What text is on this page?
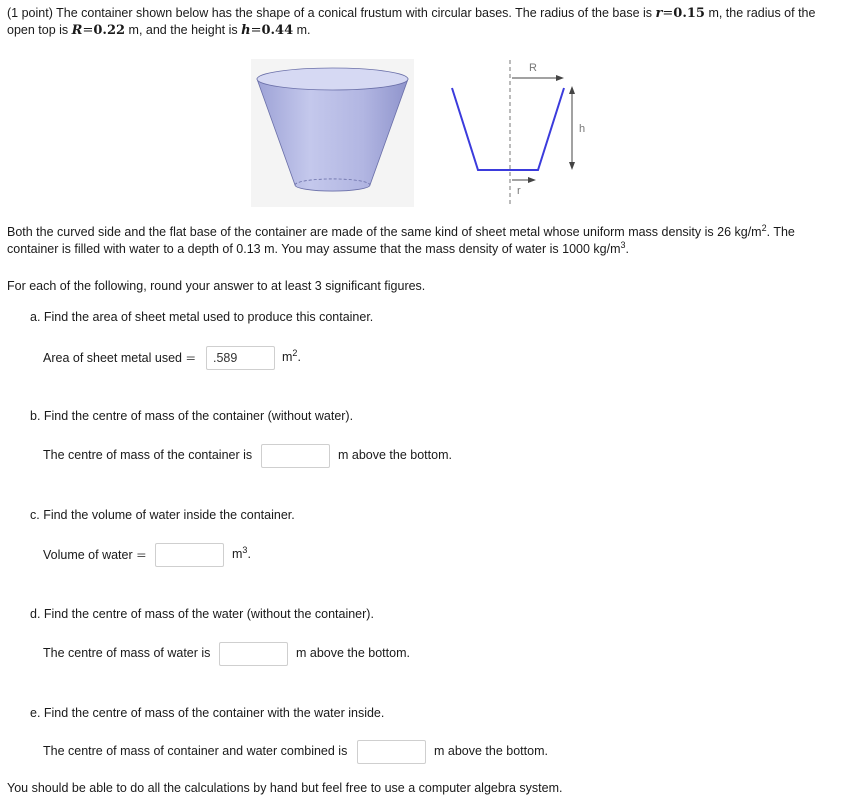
(1 point) The container shown below has the shape of a conical frustum with circular bases. The radius of the base is r=0.15 m, the radius of the open top is R=0.22 m, and the height is h=0.44 m.
R
h
r
Both the curved side and the flat base of the container are made of the same kind of sheet metal whose uniform mass density is 26 $kg/m^2$. The container is filled with water to a depth of 0.13 m. You may assume that the mass density of water is 1000 $kg/m^3$.
For each of the following, round your answer to at least 3 significant figures.
a. Find the area of sheet metal used to produce this container.
Area of sheet metal used =
.589	$m^2$.
b. Find the centre of mass of the container (without water).
The centre of mass of the container is	m above the bottom.
c. Find the volume of water inside the container.
Volume of water =	$m^3$.
d. Find the centre of mass of the water (without the container).
The centre of mass of water is	m above the bottom.
e. Find the centre of mass of the container with the water inside.
The centre of mass of container and water combined is	m above the bottom.
You should be able to do all the calculations by hand but feel free to use a computer algebra system.
